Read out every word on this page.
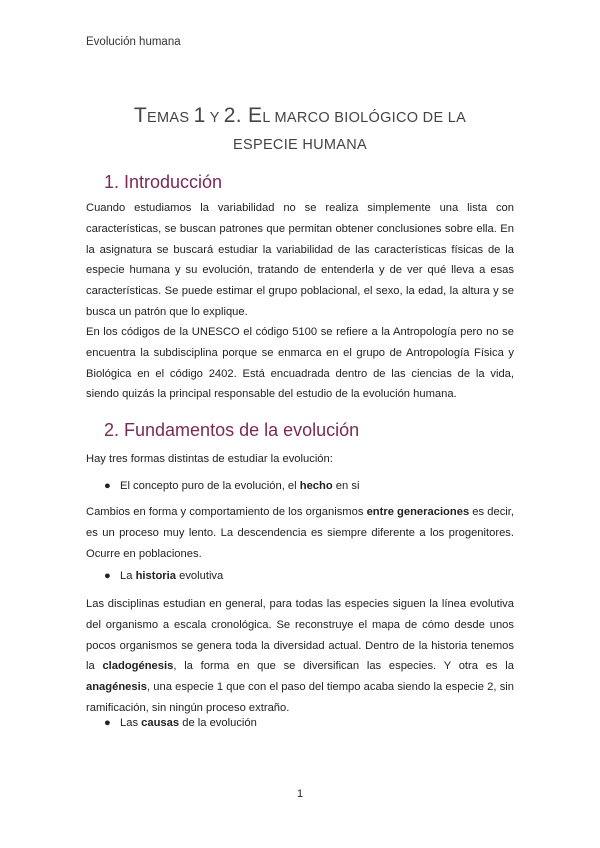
Evolución humana
TEMAS 1 Y 2. EL MARCO BIOLÓGICO DE LA
ESPECIE HUMANA
1. Introducción
Cuando estudiamos la variabilidad no se realiza simplemente una lista con características, se buscan patrones que permitan obtener conclusiones sobre ella. En la asignatura se buscará estudiar la variabilidad de las características físicas de la especie humana y su evolución, tratando de entenderla y de ver qué lleva a esas características. Se puede estimar el grupo poblacional, el sexo, la edad, la altura y se busca un patrón que lo explique.
En los códigos de la UNESCO el código 5100 se refiere a la Antropología pero no se encuentra la subdisciplina porque se enmarca en el grupo de Antropología Física y Biológica en el código 2402. Está encuadrada dentro de las ciencias de la vida, siendo quizás la principal responsable del estudio de la evolución humana.
2. Fundamentos de la evolución
Hay tres formas distintas de estudiar la evolución:
● El concepto puro de la evolución, el hecho en si
Cambios en forma y comportamiento de los organismos entre generaciones es decir, es un proceso muy lento. La descendencia es siempre diferente a los progenitores. Ocurre en poblaciones.
● La historia evolutiva
Las disciplinas estudian en general, para todas las especies siguen la línea evolutiva del organismo a escala cronológica. Se reconstruye el mapa de cómo desde unos pocos organismos se genera toda la diversidad actual. Dentro de la historia tenemos la cladogénesis, la forma en que se diversifican las especies. Y otra es la anagénesis, una especie 1 que con el paso del tiempo acaba siendo la especie 2, sin ramificación, sin ningún proceso extraño.
● Las causas de la evolución
1
